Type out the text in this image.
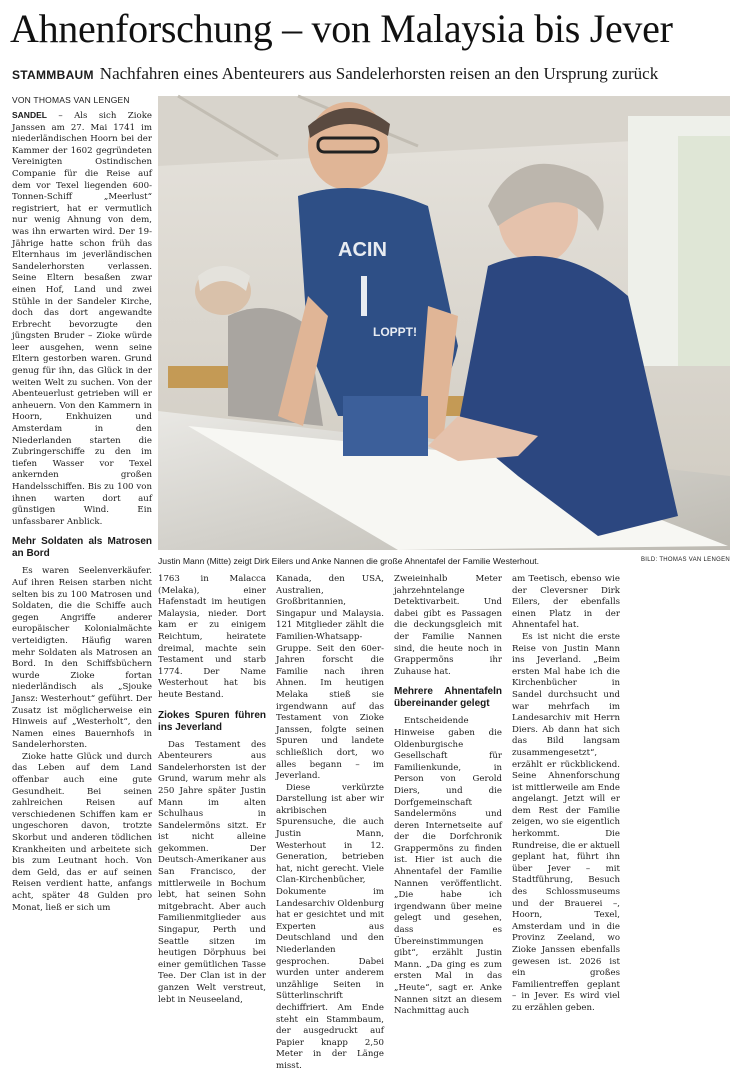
Ahnenforschung – von Malaysia bis Jever
STAMMBAUM Nachfahren eines Abenteurers aus Sandelerhorsten reisen an den Ursprung zurück
VON THOMAS VAN LENGEN

SANDEL – Als sich Zioke Janssen am 27. Mai 1741 im niederländischen Hoorn bei der Kammer der 1602 gegründeten Vereinigten Ostindischen Companie für die Reise auf dem vor Texel liegenden 600-Tonnen-Schiff „Meerlust“ registriert, hat er vermutlich nur wenig Ahnung von dem, was ihn erwarten wird. Der 19-Jährige hatte schon früh das Elternhaus im jeverländischen Sandelerhorsten verlassen. Seine Eltern besaßen zwar einen Hof, Land und zwei Stühle in der Sandeler Kirche, doch das dort angewandte Erbrecht bevorzugte den jüngsten Bruder – Zioke würde leer ausgehen, wenn seine Eltern gestorben waren. Grund genug für ihn, das Glück in der weiten Welt zu suchen. Von der Abenteuerlust getrieben will er anheuern. Von den Kammern in Hoorn, Enkhuizen und Amsterdam in den Niederlanden starten die Zubringerschiffe zu den im tiefen Wasser vor Texel ankernden großen Handelsschiffen. Bis zu 100 von ihnen warten dort auf günstigen Wind. Ein unfassbarer Anblick.

Mehr Soldaten als Matrosen an Bord

Es waren Seelenverkäufer. Auf ihren Reisen starben nicht selten bis zu 100 Matrosen und Soldaten, die die Schiffe auch gegen Angriffe anderer europäischer Kolonialmächte verteidigten. Häufig waren mehr Soldaten als Matrosen an Bord. In den Schiffsbüchern wurde Zioke fortan niederländisch als „Sjouke Jansz: Westerhout“ geführt. Der Zusatz ist möglicherweise ein Hinweis auf „Westerholt“, den Namen eines Bauernhofs in Sandelerhorsten.

Zioke hatte Glück und durch das Leben auf dem Land offenbar auch eine gute Gesundheit. Bei seinen zahlreichen Reisen auf verschiedenen Schiffen kam er ungeschoren davon, trotzte Skorbut und anderen tödlichen Krankheiten und arbeitete sich bis zum Leutnant hoch. Von dem Geld, das er auf seinen Reisen verdient hatte, anfangs acht, später 48 Gulden pro Monat, ließ er sich um

ACIN
LOPPT!
Justin Mann (Mitte) zeigt Dirk Eilers und Anke Nannen die große Ahnentafel der Familie Westerhout.	BILD: THOMAS VAN LENGEN

1763 in Malacca (Melaka), einer Hafenstadt im heutigen Malaysia, nieder. Dort kam er zu einigem Reichtum, heiratete dreimal, machte sein Testament und starb 1774. Der Name Westerhout hat bis heute Bestand.

Ziokes Spuren führen ins Jeverland

Das Testament des Abenteurers aus Sandelerhorsten ist der Grund, warum mehr als 250 Jahre später Justin Mann im alten Schulhaus in Sandelermöns sitzt. Er ist nicht alleine gekommen. Der Deutsch-Amerikaner aus San Francisco, der mittlerweile in Bochum lebt, hat seinen Sohn mitgebracht. Aber auch Familienmitglieder aus Singapur, Perth und Seattle sitzen im heutigen Dörphuus bei einer gemütlichen Tasse Tee. Der Clan ist in der ganzen Welt verstreut, lebt in Neuseeland,

Kanada, den USA, Australien, Großbritannien, Singapur und Malaysia. 121 Mitglieder zählt die Familien-Whatsapp-Gruppe. Seit den 60er-Jahren forscht die Familie nach ihren Ahnen. Im heutigen Melaka stieß sie irgendwann auf das Testament von Zioke Janssen, folgte seinen Spuren und landete schließlich dort, wo alles begann – im Jeverland.

Diese verkürzte Darstellung ist aber wir akribischen Spurensuche, die auch Justin Mann, Westerhout in 12. Generation, betrieben hat, nicht gerecht. Viele Clan-Kirchenbücher, Dokumente im Landesarchiv Oldenburg hat er gesichtet und mit Experten aus Deutschland und den Niederlanden gesprochen. Dabei wurden unter anderem unzählige Seiten in Sütterlinschrift dechiffriert. Am Ende steht ein Stammbaum, der ausgedruckt auf Papier knapp 2,50 Meter in der Länge misst.

Zweieinhalb Meter jahrzehntelange Detektivarbeit. Und dabei gibt es Passagen die deckungsgleich mit der Familie Nannen sind, die heute noch in Grappermöns ihr Zuhause hat.

Mehrere Ahnentafeln übereinander gelegt

Entscheidende Hinweise gaben die Oldenburgische Gesellschaft für Familienkunde, in Person von Gerold Diers, und die Dorfgemeinschaft Sandelermöns und deren Internetseite auf der die Dorfchronik Grappermöns zu finden ist. Hier ist auch die Ahnentafel der Familie Nannen veröffentlicht. „Die habe ich irgendwann über meine gelegt und gesehen, dass es Übereinstimmungen gibt“, erzählt Justin Mann. „Da ging es zum ersten Mal in das „Heute“, sagt er. Anke Nannen sitzt an diesem Nachmittag auch

am Teetisch, ebenso wie der Cleversner Dirk Eilers, der ebenfalls einen Platz in der Ahnentafel hat.

Es ist nicht die erste Reise von Justin Mann ins Jeverland. „Beim ersten Mal habe ich die Kirchenbücher in Sandel durchsucht und war mehrfach im Landesarchiv mit Herrn Diers. Ab dann hat sich das Bild langsam zusammengesetzt“, erzählt er rückblickend. Seine Ahnenforschung ist mittlerweile am Ende angelangt. Jetzt will er dem Rest der Familie zeigen, wo sie eigentlich herkommt. Die Rundreise, die er aktuell geplant hat, führt ihn über Jever – mit Stadtführung, Besuch des Schlossmuseums und der Brauerei –, Hoorn, Texel, Amsterdam und in die Provinz Zeeland, wo Zioke Janssen ebenfalls gewesen ist. 2026 ist ein großes Familientreffen geplant – in Jever. Es wird viel zu erzählen geben.
